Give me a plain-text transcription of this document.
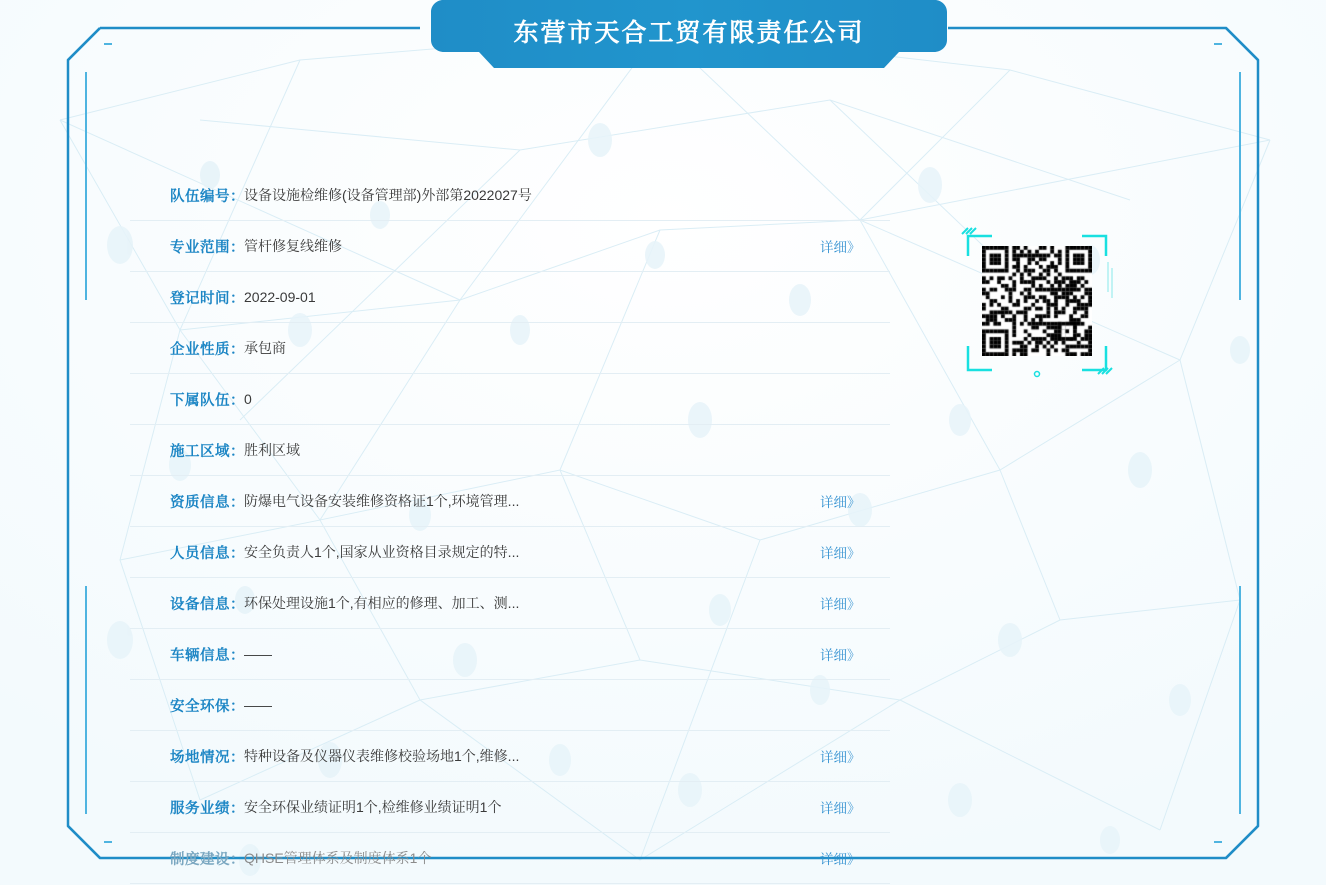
东营市天合工贸有限责任公司
队伍编号 ： 设备设施检维修(设备管理部)外部第2022027号
专业范围 ： 管杆修复线维修	详细》
登记时间 ： 2022-09-01
企业性质 ： 承包商
下属队伍 ： 0
施工区域 ： 胜利区域
资质信息 ： 防爆电气设备安装维修资格证1个,环境管理...	详细》
人员信息 ： 安全负责人1个,国家从业资格目录规定的特...	详细》
设备信息 ： 环保处理设施1个,有相应的修理、加工、测...	详细》
车辆信息 ： ——	详细》
安全环保 ： ——
场地情况 ： 特种设备及仪器仪表维修校验场地1个,维修...	详细》
服务业绩 ： 安全环保业绩证明1个,检维修业绩证明1个	详细》
制度建设 ： QHSE管理体系及制度体系1个	详细》
